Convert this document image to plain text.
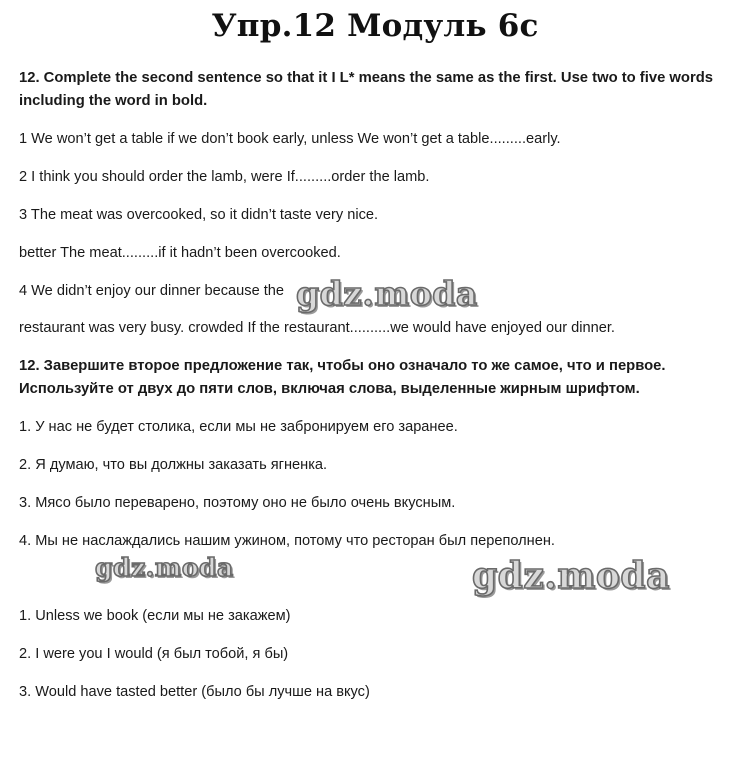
Упр.12 Модуль 6с
12. Complete the second sentence so that it I L* means the same as the first. Use two to five words
including the word in bold.
1 We won’t get a table if we don’t book early, unless We won’t get a table.........early.
2 I think you should order the lamb, were If.........order the lamb.
3 The meat was overcooked, so it didn’t taste very nice.
better The meat.........if it hadn’t been overcooked.
4 We didn’t enjoy our dinner because the
restaurant was very busy. crowded If the restaurant..........we would have enjoyed our dinner.
12. Завершите второе предложение так, чтобы оно означало то же самое, что и первое.
Используйте от двух до пяти слов, включая слова, выделенные жирным шрифтом.
1. У нас не будет столика, если мы не забронируем его заранее.
2. Я думаю, что вы должны заказать ягненка.
3. Мясо было переварено, поэтому оно не было очень вкусным.
4. Мы не наслаждались нашим ужином, потому что ресторан был переполнен.
1. Unless we book (если мы не закажем)
2. I were you I would (я был тобой, я бы)
3. Would have tasted better (было бы лучше на вкус)
gdz.moda
gdz.moda	gdz.moda
